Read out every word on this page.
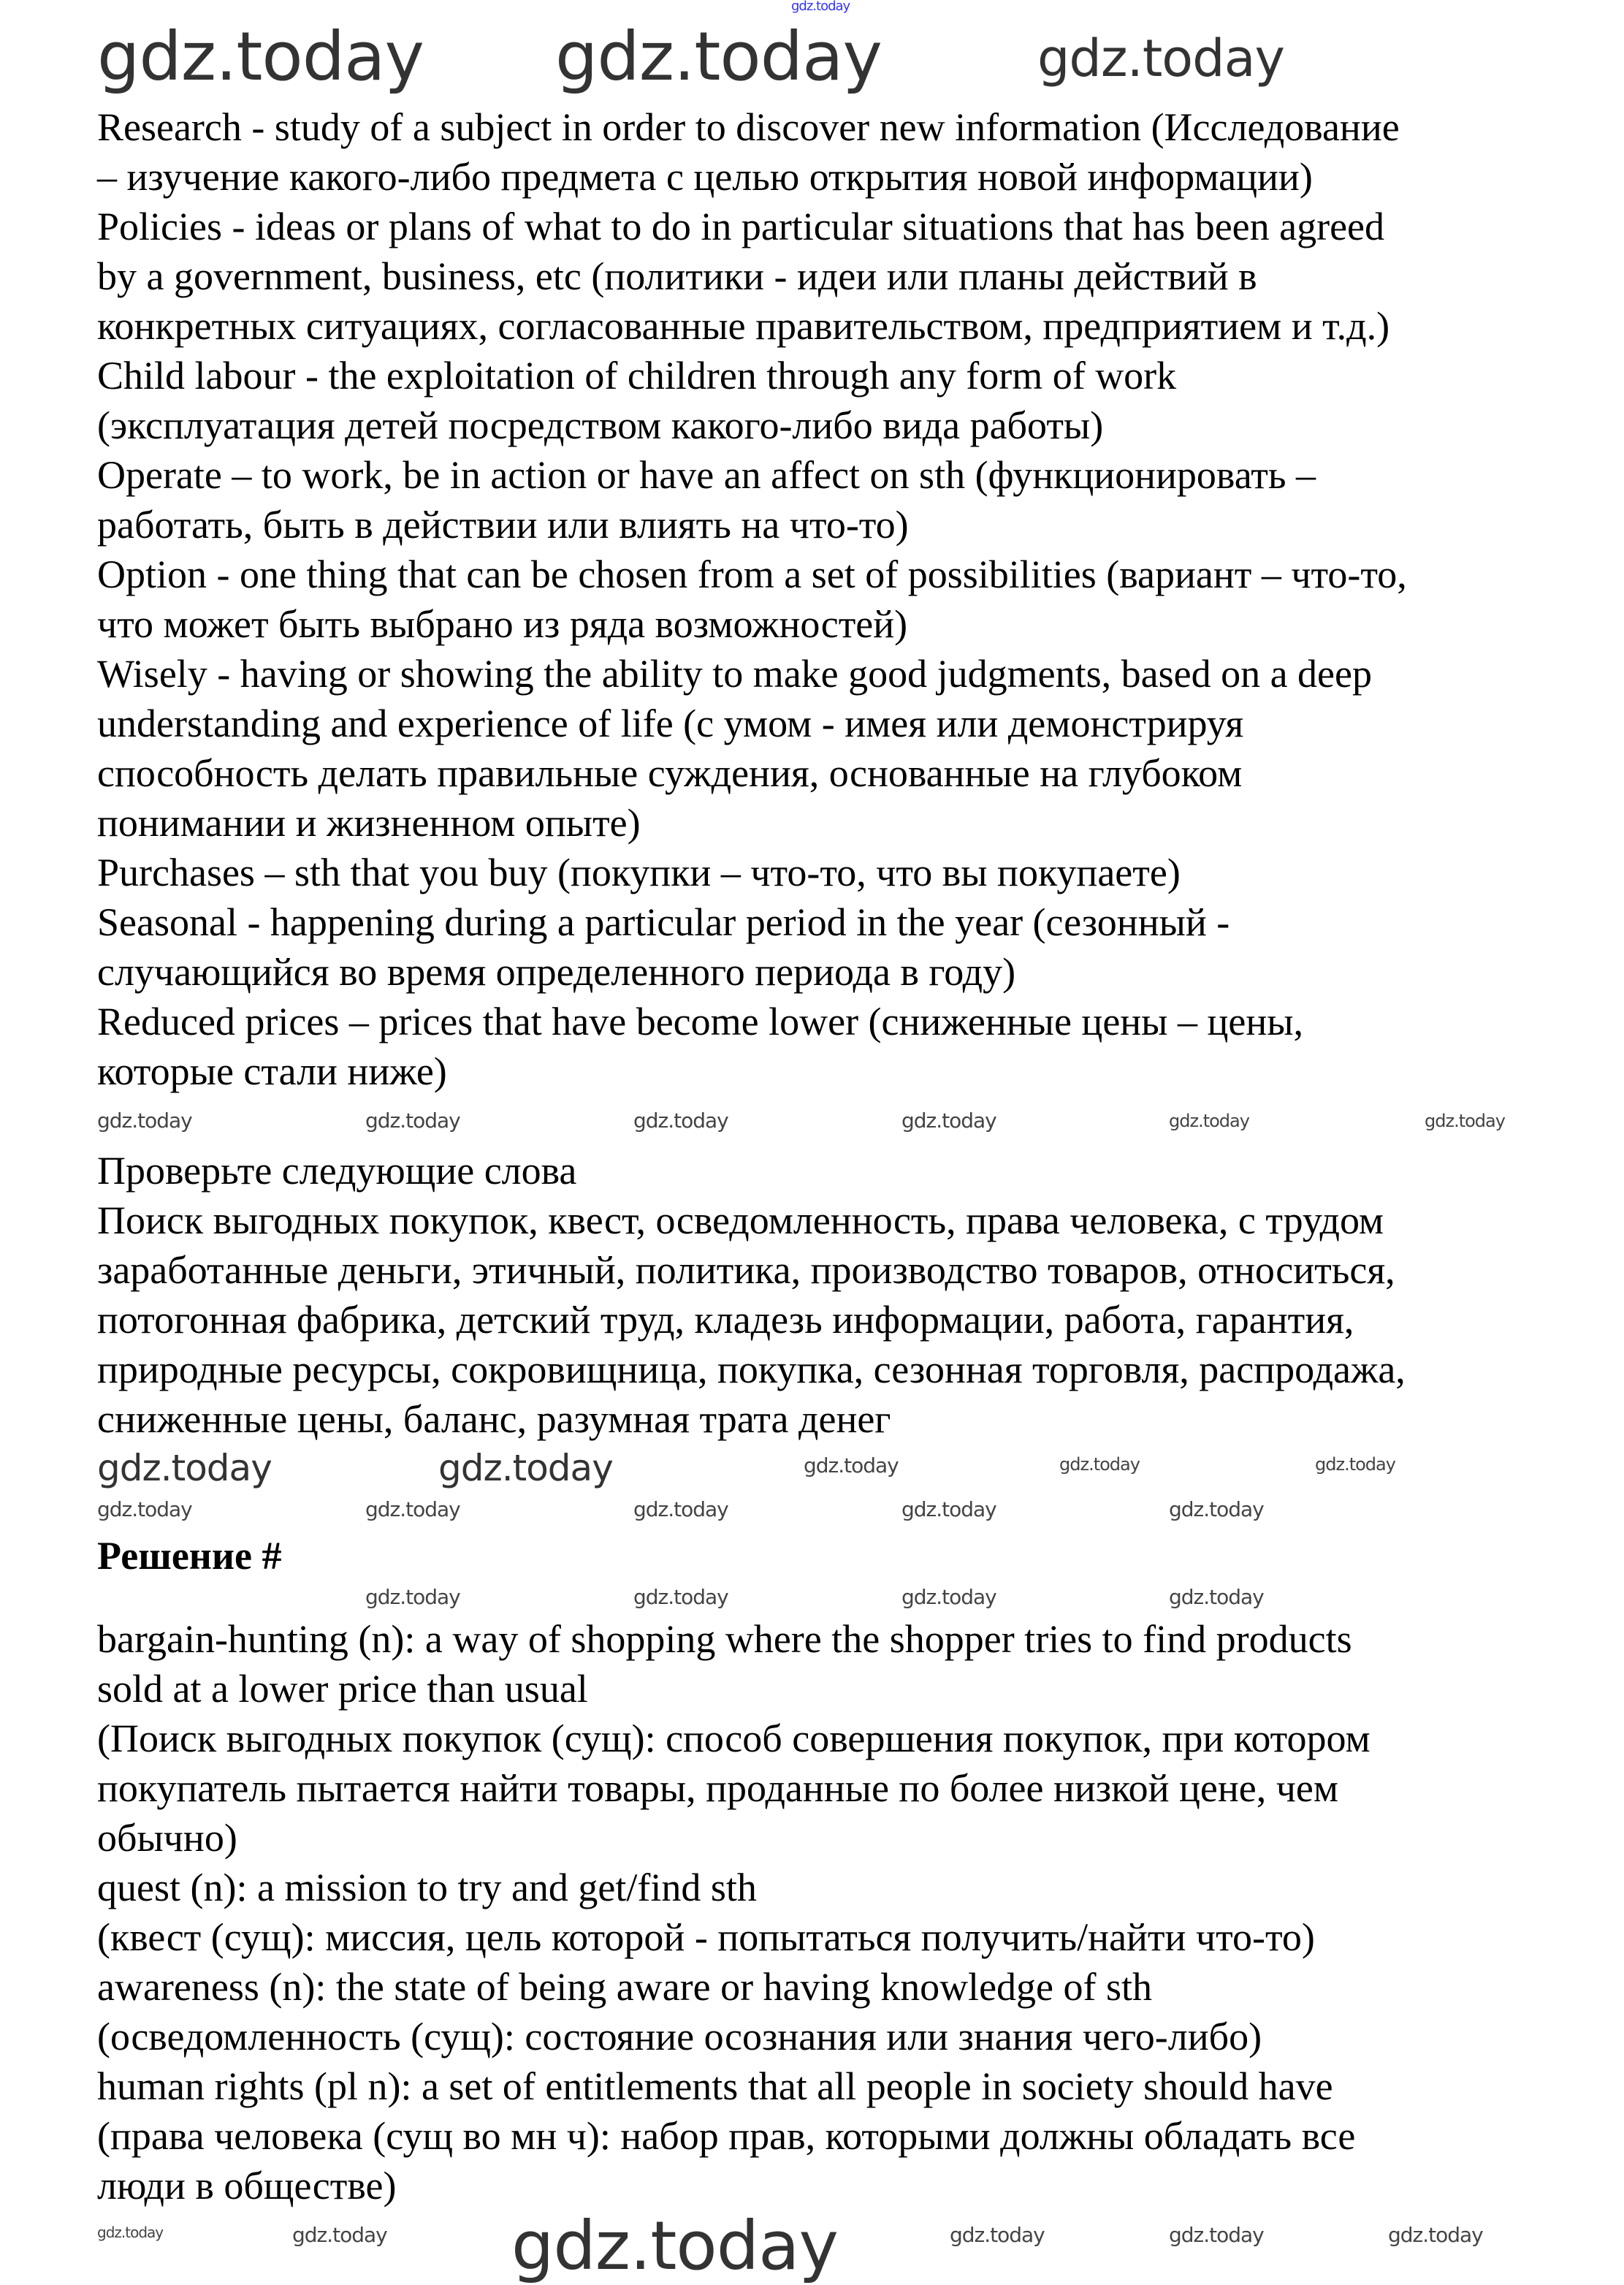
gdz.today
Research - study of a subject in order to discover new information (Исследование
– изучение какого-либо предмета с целью открытия новой информации)
Policies - ideas or plans of what to do in particular situations that has been agreed
by a government, business, etc (политики - идеи или планы действий в
конкретных ситуациях, согласованные правительством, предприятием и т.д.)
Child labour - the exploitation of children through any form of work
(эксплуатация детей посредством какого-либо вида работы)
Operate – to work, be in action or have an affect on sth (функционировать –
работать, быть в действии или влиять на что-то)
Option - one thing that can be chosen from a set of possibilities (вариант – что-то,
что может быть выбрано из ряда возможностей)
Wisely - having or showing the ability to make good judgments, based on a deep
understanding and experience of life (с умом - имея или демонстрируя
способность делать правильные суждения, основанные на глубоком
понимании и жизненном опыте)
Purchases – sth that you buy (покупки – что-то, что вы покупаете)
Seasonal - happening during a particular period in the year (сезонный -
случающийся во время определенного периода в году)
Reduced prices – prices that have become lower (сниженные цены – цены,
которые стали ниже)
Проверьте следующие слова
Поиск выгодных покупок, квест, осведомленность, права человека, с трудом
заработанные деньги, этичный, политика, производство товаров, относиться,
потогонная фабрика, детский труд, кладезь информации, работа, гарантия,
природные ресурсы, сокровищница, покупка, сезонная торговля, распродажа,
сниженные цены, баланс, разумная трата денег
Решение #
bargain-hunting (n): a way of shopping where the shopper tries to find products
sold at a lower price than usual
(Поиск выгодных покупок (сущ): способ совершения покупок, при котором
покупатель пытается найти товары, проданные по более низкой цене, чем
обычно)
quest (n): a mission to try and get/find sth
(квест (сущ): миссия, цель которой - попытаться получить/найти что-то)
awareness (n): the state of being aware or having knowledge of sth
(осведомленность (сущ): состояние осознания или знания чего-либо)
human rights (pl n): a set of entitlements that all people in society should have
(права человека (сущ во мн ч): набор прав, которыми должны обладать все
люди в обществе)
gdz.today gdz.today	gdz.today
gdz.today	gdz.today	gdz.today	gdz.today	gdz.today	gdz.today
gdz.today	gdz.today	gdz.today	gdz.today	gdz.today
gdz.today	gdz.today	gdz.today	gdz.today	gdz.today
gdz.today	gdz.today	gdz.today	gdz.today
gdz.today	gdz.today gdz.today	gdz.today	gdz.today	gdz.today
